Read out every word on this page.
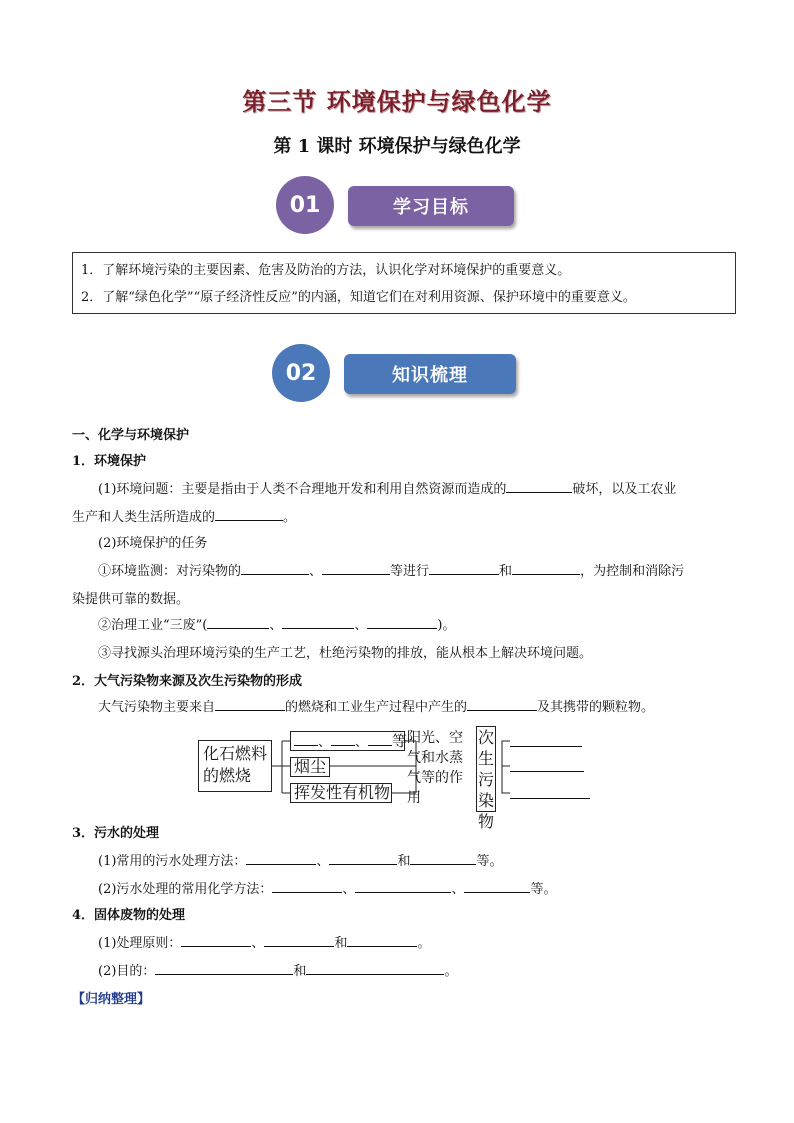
第三节 环境保护与绿色化学
第 1 课时 环境保护与绿色化学
01	学习目标
1．了解环境污染的主要因素、危害及防治的方法，认识化学对环境保护的重要意义。
2．了解“绿色化学”“原子经济性反应”的内涵，知道它们在对利用资源、保护环境中的重要意义。
02	知识梳理
一、化学与环境保护
1．环境保护
(1)环境问题：主要是指由于人类不合理地开发和利用自然资源而造成的	破坏，以及工农业
生产和人类生活所造成的	。
(2)环境保护的任务
①环境监测：对污染物的	、	等进行	和	，为控制和消除污
染提供可靠的数据。
②治理工业“三废”(	、	、	)。
③寻找源头治理环境污染的生产工艺，杜绝污染物的排放，能从根本上解决环境问题。
2．大气污染物来源及次生污染物的形成
大气污染物主要来自	的燃烧和工业生产过程中产生的	及其携带的颗粒物。
化石燃料的燃烧
、 、 等
烟尘
挥发性有机物
阳光、空气和水蒸气等的作用
次生污染物
3．污水的处理
(1)常用的污水处理方法：	、	和	等。
(2)污水处理的常用化学方法：	、	、	等。
4．固体废物的处理
(1)处理原则：	、	和	。
(2)目的：	和	。
【归纳整理】
